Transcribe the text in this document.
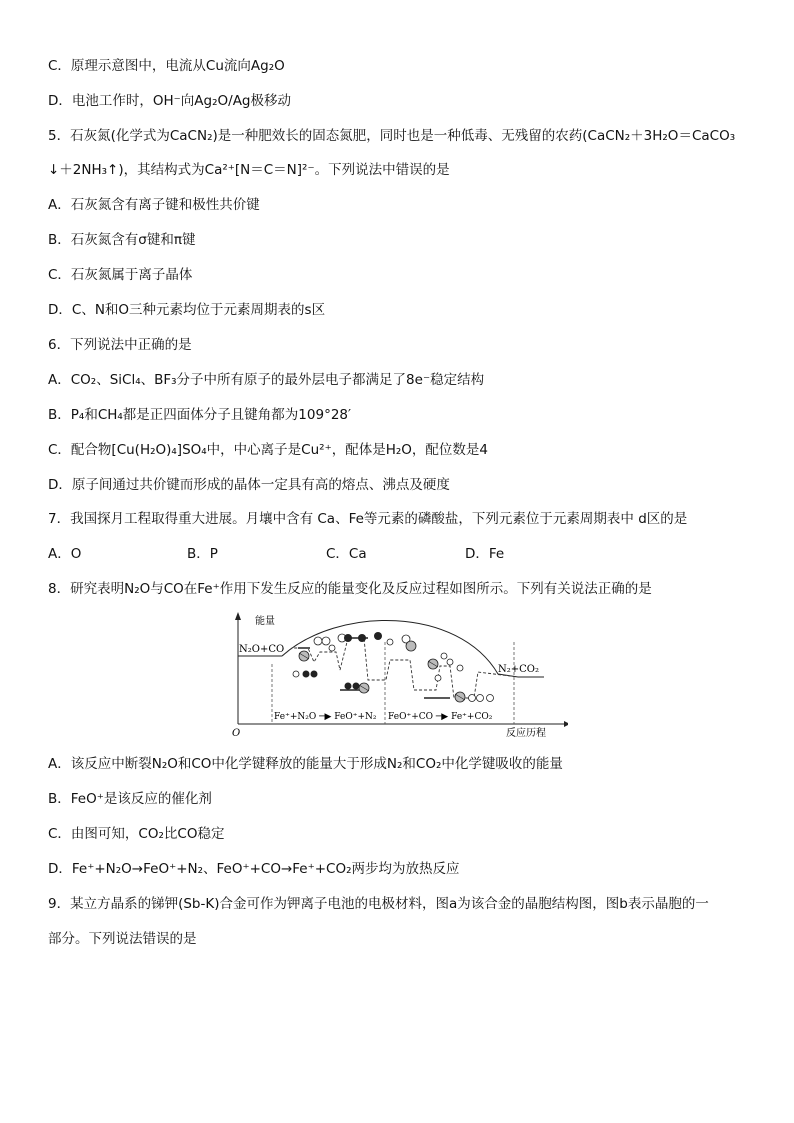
C．原理示意图中，电流从Cu流向Ag₂O
D．电池工作时，OH⁻向Ag₂O/Ag极移动
5．石灰氮(化学式为CaCN₂)是一种肥效长的固态氮肥，同时也是一种低毒、无残留的农药(CaCN₂＋3H₂O＝CaCO₃
↓＋2NH₃↑)，其结构式为Ca²⁺[N＝C＝N]²⁻。下列说法中错误的是
A．石灰氮含有离子键和极性共价键
B．石灰氮含有σ键和π键
C．石灰氮属于离子晶体
D．C、N和O三种元素均位于元素周期表的s区
6．下列说法中正确的是
A．CO₂、SiCl₄、BF₃分子中所有原子的最外层电子都满足了8e⁻稳定结构
B．P₄和CH₄都是正四面体分子且键角都为109°28′
C．配合物[Cu(H₂O)₄]SO₄中，中心离子是Cu²⁺，配体是H₂O，配位数是4
D．原子间通过共价键而形成的晶体一定具有高的熔点、沸点及硬度
7．我国探月工程取得重大进展。月壤中含有 Ca、Fe等元素的磷酸盐，下列元素位于元素周期表中 d区的是
A．O	B．P	C．Ca	D．Fe
8．研究表明N₂O与CO在Fe⁺作用下发生反应的能量变化及反应过程如图所示。下列有关说法正确的是
能量
O	反应历程
N₂O+CO
N₂+CO₂
Fe⁺+N₂O ─▶ FeO⁺+N₂ FeO⁺+CO ─▶ Fe⁺+CO₂
A．该反应中断裂N₂O和CO中化学键释放的能量大于形成N₂和CO₂中化学键吸收的能量
B．FeO⁺是该反应的催化剂
C．由图可知，CO₂比CO稳定
D．Fe⁺+N₂O→FeO⁺+N₂、FeO⁺+CO→Fe⁺+CO₂两步均为放热反应
9．某立方晶系的锑钾(Sb-K)合金可作为钾离子电池的电极材料，图a为该合金的晶胞结构图，图b表示晶胞的一
部分。下列说法错误的是
